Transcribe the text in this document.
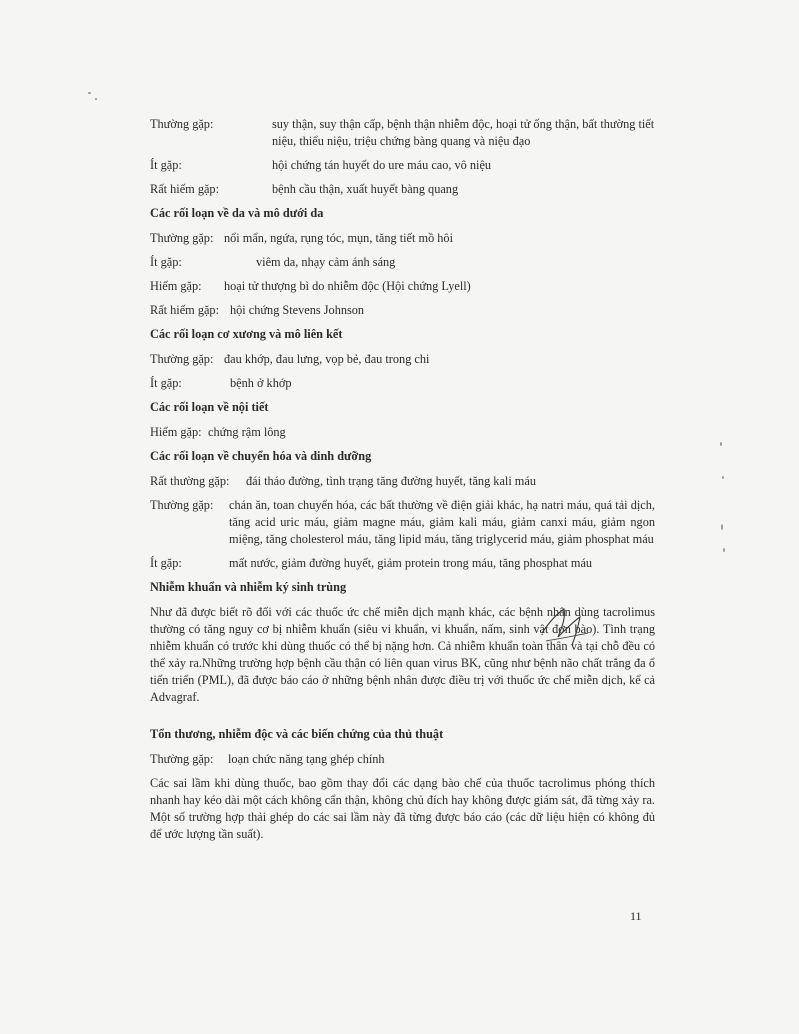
Thường gặp:	suy thận, suy thận cấp, bệnh thận nhiễm độc, hoại tử ống thận, bất thường tiết niệu, thiểu niệu, triệu chứng bàng quang và niệu đạo
Ít gặp:	hội chứng tán huyết do ure máu cao, vô niệu
Rất hiếm gặp:	bệnh cầu thận, xuất huyết bàng quang
Các rối loạn về da và mô dưới da
Thường gặp: nổi mẩn, ngứa, rụng tóc, mụn, tăng tiết mồ hôi
Ít gặp:	viêm da, nhạy cảm ánh sáng
Hiếm gặp:	hoại tử thượng bì do nhiễm độc (Hội chứng Lyell)
Rất hiếm gặp: hội chứng Stevens Johnson
Các rối loạn cơ xương và mô liên kết
Thường gặp: đau khớp, đau lưng, vọp bẻ, đau trong chi
Ít gặp:	bệnh ở khớp
Các rối loạn về nội tiết
Hiếm gặp: chứng rậm lông
Các rối loạn về chuyển hóa và dinh dưỡng
Rất thường gặp:	đái tháo đường, tình trạng tăng đường huyết, tăng kali máu
Thường gặp:	chán ăn, toan chuyển hóa, các bất thường về điện giải khác, hạ natri máu, quá tải dịch, tăng acid uric máu, giảm magne máu, giảm kali máu, giảm canxi máu, giảm ngon miệng, tăng cholesterol máu, tăng lipid máu, tăng triglycerid máu, giảm phosphat máu
Ít gặp:	mất nước, giảm đường huyết, giảm protein trong máu, tăng phosphat máu
Nhiễm khuẩn và nhiễm ký sinh trùng
Như đã được biết rõ đối với các thuốc ức chế miễn dịch mạnh khác, các bệnh nhân dùng tacrolimus thường có tăng nguy cơ bị nhiễm khuẩn (siêu vi khuẩn, vi khuẩn, nấm, sinh vật đơn bào). Tình trạng nhiễm khuẩn có trước khi dùng thuốc có thể bị nặng hơn. Cả nhiễm khuẩn toàn thân và tại chỗ đều có thể xảy ra.Những trường hợp bệnh cầu thận có liên quan virus BK, cũng như bệnh não chất trắng đa ổ tiến triển (PML), đã được báo cáo ở những bệnh nhân được điều trị với thuốc ức chế miễn dịch, kể cả Advagraf.
Tổn thương, nhiễm độc và các biến chứng của thủ thuật
Thường gặp:	loạn chức năng tạng ghép chính
Các sai lầm khi dùng thuốc, bao gồm thay đổi các dạng bào chế của thuốc tacrolimus phóng thích nhanh hay kéo dài một cách không cẩn thận, không chủ đích hay không được giám sát, đã từng xảy ra. Một số trường hợp thải ghép do các sai lầm này đã từng được báo cáo (các dữ liệu hiện có không đủ để ước lượng tần suất).
11
